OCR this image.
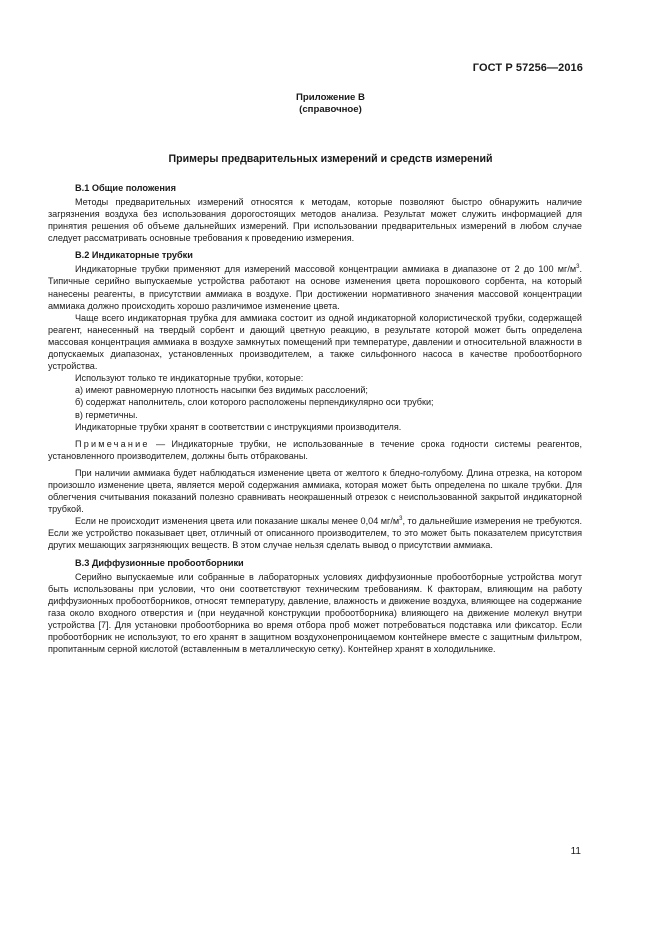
ГОСТ Р 57256—2016
Приложение В
(справочное)
Примеры предварительных измерений и средств измерений
В.1 Общие положения

Методы предварительных измерений относятся к методам, которые позволяют быстро обнаружить наличие загрязнения воздуха без использования дорогостоящих методов анализа. Результат может служить информацией для принятия решения об объеме дальнейших измерений. При использовании предварительных измерений в любом случае следует рассматривать основные требования к проведению измерения.

В.2 Индикаторные трубки

Индикаторные трубки применяют для измерений массовой концентрации аммиака в диапазоне от 2 до 100 $мг/м^3$. Типичные серийно выпускаемые устройства работают на основе изменения цвета порошкового сорбента, на который нанесены реагенты, в присутствии аммиака в воздухе. При достижении нормативного значения массовой концентрации аммиака должно происходить хорошо различимое изменение цвета.

Чаще всего индикаторная трубка для аммиака состоит из одной индикаторной колористической трубки, содержащей реагент, нанесенный на твердый сорбент и дающий цветную реакцию, в результате которой может быть определена массовая концентрация аммиака в воздухе замкнутых помещений при температуре, давлении и относительной влажности в допускаемых диапазонах, установленных производителем, а также сильфонного насоса в качестве пробоотборного устройства.

Используют только те индикаторные трубки, которые:

а) имеют равномерную плотность насыпки без видимых расслоений;

б) содержат наполнитель, слои которого расположены перпендикулярно оси трубки;

в) герметичны.

Индикаторные трубки хранят в соответствии с инструкциями производителя.

Примечание — Индикаторные трубки, не использованные в течение срока годности системы реагентов, установленного производителем, должны быть отбракованы.

При наличии аммиака будет наблюдаться изменение цвета от желтого к бледно-голубому. Длина отрезка, на котором произошло изменение цвета, является мерой содержания аммиака, которая может быть определена по шкале трубки. Для облегчения считывания показаний полезно сравнивать неокрашенный отрезок с неиспользованной закрытой индикаторной трубкой.

Если не происходит изменения цвета или показание шкалы менее 0,04 $мг/м^3$, то дальнейшие измерения не требуются. Если же устройство показывает цвет, отличный от описанного производителем, то это может быть показателем присутствия других мешающих загрязняющих веществ. В этом случае нельзя сделать вывод о присутствии аммиака.

В.3 Диффузионные пробоотборники

Серийно выпускаемые или собранные в лабораторных условиях диффузионные пробоотборные устройства могут быть использованы при условии, что они соответствуют техническим требованиям. К факторам, влияющим на работу диффузионных пробоотборников, относят температуру, давление, влажность и движение воздуха, влияющее на содержание газа около входного отверстия и (при неудачной конструкции пробоотборника) влияющего на движение молекул внутри устройства [7]. Для установки пробоотборника во время отбора проб может потребоваться подставка или фиксатор. Если пробоотборник не используют, то его хранят в защитном воздухонепроницаемом контейнере вместе с защитным фильтром, пропитанным серной кислотой (вставленным в металлическую сетку). Контейнер хранят в холодильнике.

11
